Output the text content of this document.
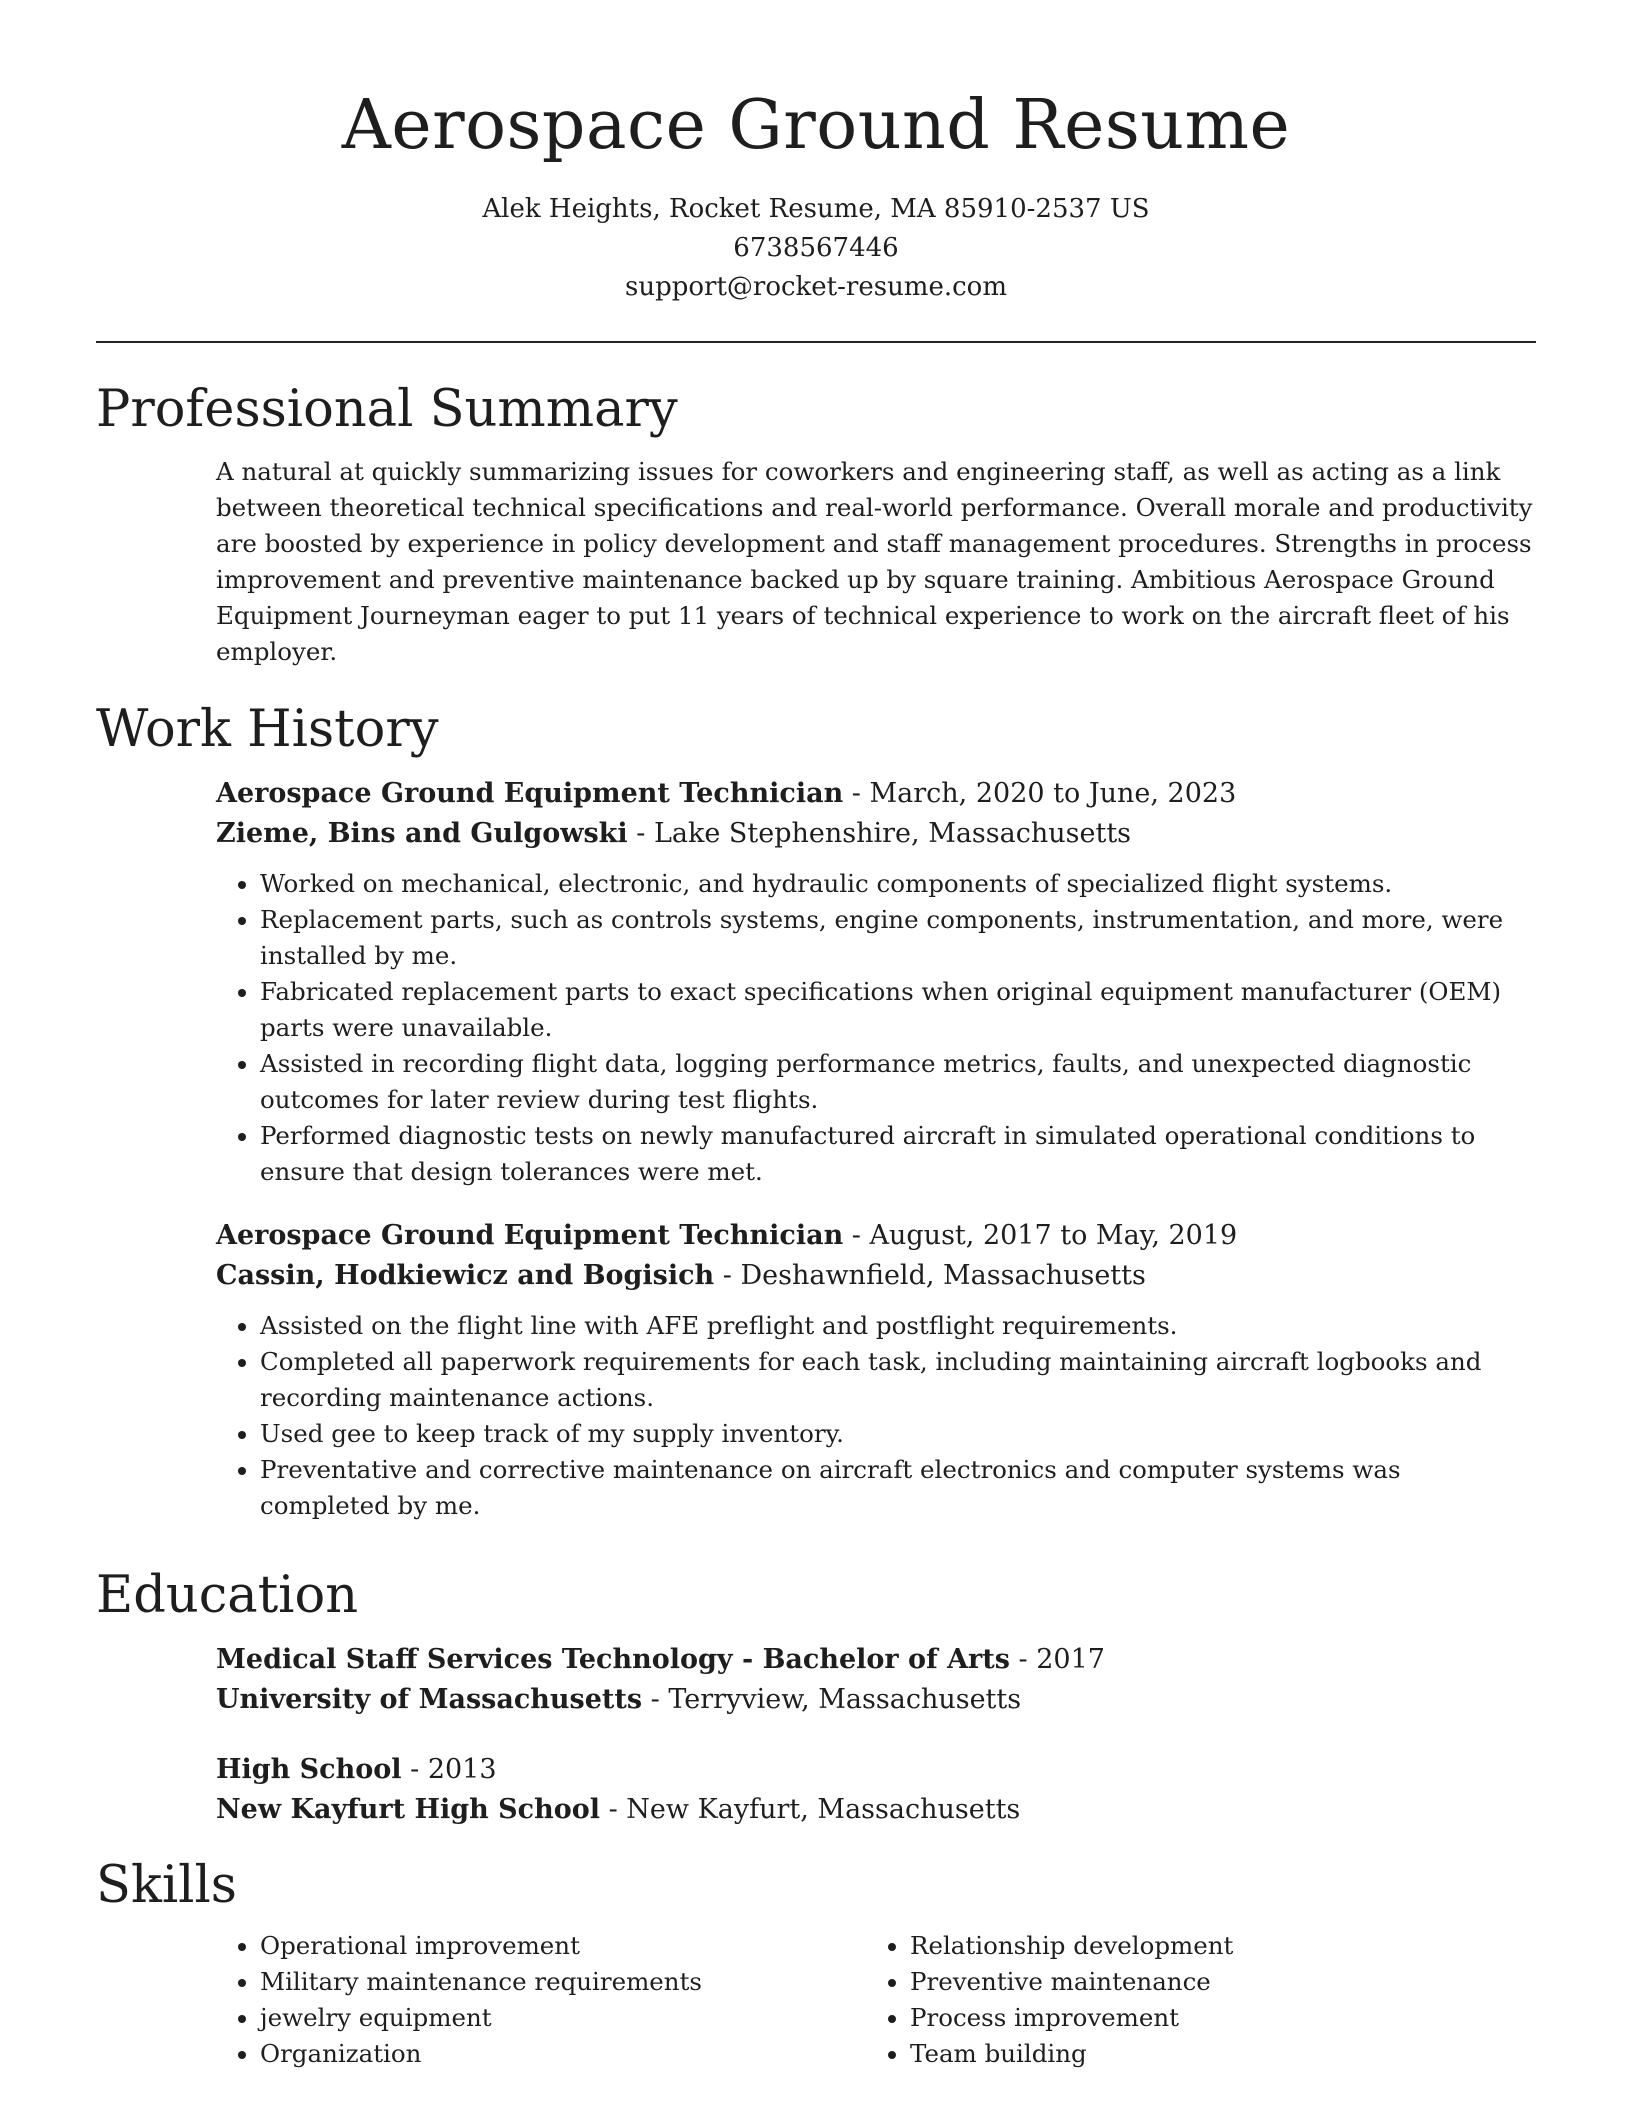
Aerospace Ground Resume
Alek Heights, Rocket Resume, MA 85910-2537 US
6738567446
support@rocket-resume.com
Professional Summary

A natural at quickly summarizing issues for coworkers and engineering staff, as well as acting as a link between theoretical technical specifications and real-world performance. Overall morale and productivity are boosted by experience in policy development and staff management procedures. Strengths in process improvement and preventive maintenance backed up by square training. Ambitious Aerospace Ground Equipment Journeyman eager to put 11 years of technical experience to work on the aircraft fleet of his employer.

Work History
Aerospace Ground Equipment Technician - March, 2020 to June, 2023
Zieme, Bins and Gulgowski - Lake Stephenshire, Massachusetts
• Worked on mechanical, electronic, and hydraulic components of specialized flight systems.
• Replacement parts, such as controls systems, engine components, instrumentation, and more, were installed by me.
• Fabricated replacement parts to exact specifications when original equipment manufacturer (OEM) parts were unavailable.
• Assisted in recording flight data, logging performance metrics, faults, and unexpected diagnostic outcomes for later review during test flights.
• Performed diagnostic tests on newly manufactured aircraft in simulated operational conditions to ensure that design tolerances were met.
Aerospace Ground Equipment Technician - August, 2017 to May, 2019
Cassin, Hodkiewicz and Bogisich - Deshawnfield, Massachusetts
• Assisted on the flight line with AFE preflight and postflight requirements.
• Completed all paperwork requirements for each task, including maintaining aircraft logbooks and recording maintenance actions.
• Used gee to keep track of my supply inventory.
• Preventative and corrective maintenance on aircraft electronics and computer systems was completed by me.
Education
Medical Staff Services Technology - Bachelor of Arts - 2017
University of Massachusetts - Terryview, Massachusetts
High School - 2013
New Kayfurt High School - New Kayfurt, Massachusetts
Skills
• Operational improvement
• Military maintenance requirements
• jewelry equipment
• Organization
• Relationship development
• Preventive maintenance
• Process improvement
• Team building
